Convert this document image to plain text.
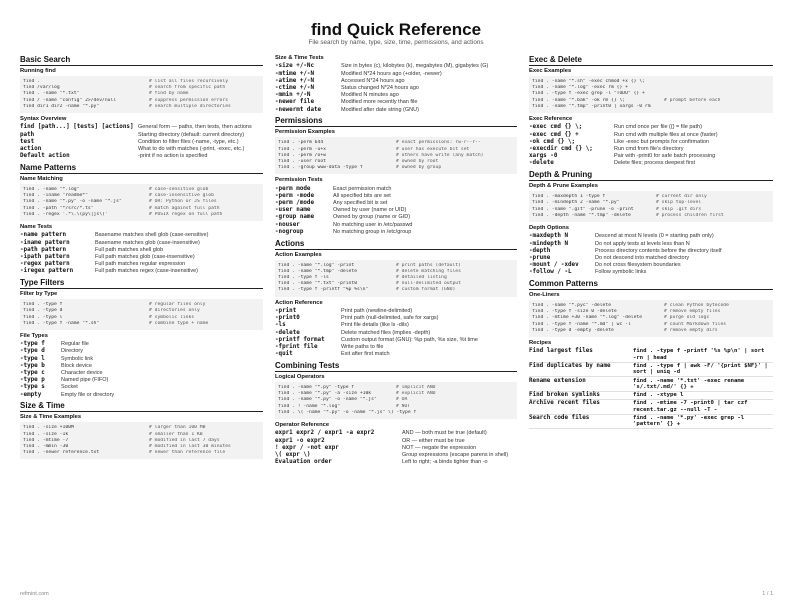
find Quick Reference
File search by name, type, size, time, permissions, and actions
Basic Search
Running find
find .	# list all files recursively
find /var/log	# search from specific path
find . -name "*.txt"	# find by name
find / -name "config" 2>/dev/null	# suppress permission errors
find dir1 dir2 -name "*.py"	# search multiple directories
Syntax Overview
find [path...] [tests] [actions]	General form — paths, then tests, then actions
path	Starting directory (default: current directory)
test	Condition to filter files (-name, -type, etc.)
action	What to do with matches (-print, -exec, etc.)
Default action	-print if no action is specified
Name Patterns
Name Matching
find . -name "*.log"	# case-sensitive glob
find . -iname "readme*"	# case-insensitive glob
find . -name "*.py" -o -name "*.js"	# OR: Python or JS files
find . -path "*/src/*.ts"	# match against full path
find . -regex '.*\.\(py\|js\)'	# POSIX regex on full path
Name Tests
-name pattern	Basename matches shell glob (case-sensitive)
-iname pattern	Basename matches glob (case-insensitive)
-path pattern	Full path matches shell glob
-ipath pattern	Full path matches glob (case-insensitive)
-regex pattern	Full path matches regular expression
-iregex pattern	Full path matches regex (case-insensitive)
Type Filters
Filter by Type
find . -type f	# regular files only
find . -type d	# directories only
find . -type l	# symbolic links
find . -type f -name "*.sh"	# combine type + name
File Types
-type f	Regular file
-type d	Directory
-type l	Symbolic link
-type b	Block device
-type c	Character device
-type p	Named pipe (FIFO)
-type s	Socket
-empty	Empty file or directory
Size & Time
Size & Time Examples
find . -size +100M	# larger than 100 MB
find . -size -1k	# smaller than 1 KB
find . -mtime -7	# modified in last 7 days
find . -mmin -30	# modified in last 30 minutes
find . -newer reference.txt	# newer than reference file
Size & Time Tests
-size +/-Nc	Size in bytes (c), kilobytes (k), megabytes (M), gigabytes (G)
-mtime +/-N	Modified N*24 hours ago (+older, -newer)
-atime +/-N	Accessed N*24 hours ago
-ctime +/-N	Status changed N*24 hours ago
-mmin +/-N	Modified N minutes ago
-newer file	Modified more recently than file
-newermt date	Modified after date string (GNU)
Permissions
Permission Examples
find . -perm 644	# exact permissions: rw-r--r--
find . -perm -u+x	# user has execute bit set
find . -perm /o+w	# others have write (any match)
find . -user root	# owned by root
find . -group www-data -type f	# owned by group
Permission Tests
-perm mode	Exact permission match
-perm -mode	All specified bits are set
-perm /mode	Any specified bit is set
-user name	Owned by user (name or UID)
-group name	Owned by group (name or GID)
-nouser	No matching user in /etc/passwd
-nogroup	No matching group in /etc/group
Actions
Action Examples
find . -name "*.log" -print	# print paths (default)
find . -name "*.tmp" -delete	# delete matching files
find . -type f -ls	# detailed listing
find . -name "*.txt" -print0	# null-delimited output
find . -type f -printf "%p %s\n"	# custom format (GNU)
Action Reference
-print	Print path (newline-delimited)
-print0	Print path (null-delimited, safe for xargs)
-ls	Print file details (like ls -dils)
-delete	Delete matched files (implies -depth)
-printf format	Custom output format (GNU): %p path, %s size, %t time
-fprint file	Write paths to file
-quit	Exit after first match
Combining Tests
Logical Operators
find . -name "*.py" -type f	# implicit AND
find . -name "*.py" -a -size +10k	# explicit AND
find . -name "*.py" -o -name "*.js"	# OR
find . ! -name "*.log"	# NOT
find . \( -name "*.py" -o -name "*.js" \) -type f
Operator Reference
expr1 expr2 / expr1 -a expr2	AND — both must be true (default)
expr1 -o expr2	OR — either must be true
! expr / -not expr	NOT — negate the expression
\( expr \)	Group expressions (escape parens in shell)
Evaluation order	Left to right; -a binds tighter than -o
Exec & Delete
Exec Examples
find . -name "*.sh" -exec chmod +x {} \;
find . -name "*.log" -exec rm {} +
find . -type f -exec grep -l "TODO" {} +
find . -name "*.bak" -ok rm {} \;	# prompt before each
find . -name "*.tmp" -print0 | xargs -0 rm
Exec Reference
-exec cmd {} \;	Run cmd once per file ({} = file path)
-exec cmd {} +	Run cmd with multiple files at once (faster)
-ok cmd {} \;	Like -exec but prompts for confirmation
-execdir cmd {} \;	Run cmd from file's directory
xargs -0	Pair with -print0 for safe batch processing
-delete	Delete files; process deepest first
Depth & Pruning
Depth & Prune Examples
find . -maxdepth 1 -type f	# current dir only
find . -mindepth 2 -name "*.py"	# skip top-level
find . -name ".git" -prune -o -print	# skip .git dirs
find . -depth -name "*.tmp" -delete	# process children first
Depth Options
-maxdepth N	Descend at most N levels (0 = starting path only)
-mindepth N	Do not apply tests at levels less than N
-depth	Process directory contents before the directory itself
-prune	Do not descend into matched directory
-mount / -xdev	Do not cross filesystem boundaries
-follow / -L	Follow symbolic links
Common Patterns
One-Liners
find . -name "*.pyc" -delete	# clean Python bytecode
find . -type f -size 0 -delete	# remove empty files
find . -mtime +30 -name "*.log" -delete	# purge old logs
find . -type f -name "*.md" | wc -l	# count Markdown files
find . -type d -empty -delete	# remove empty dirs
Recipes
Find largest files	find . -type f -printf '%s %p\n' | sort -rn | head
Find duplicates by name	find . -type f | awk -F/ '{print $NF}' | sort | uniq -d
Rename extension	find . -name '*.txt' -exec rename 's/.txt/.md/' {} +
Find broken symlinks	find . -xtype l
Archive recent files	find . -mtime -7 -print0 | tar czf recent.tar.gz --null -T -
Search code files	find . -name '*.py' -exec grep -l 'pattern' {} +
refmint.com	1 / 1
